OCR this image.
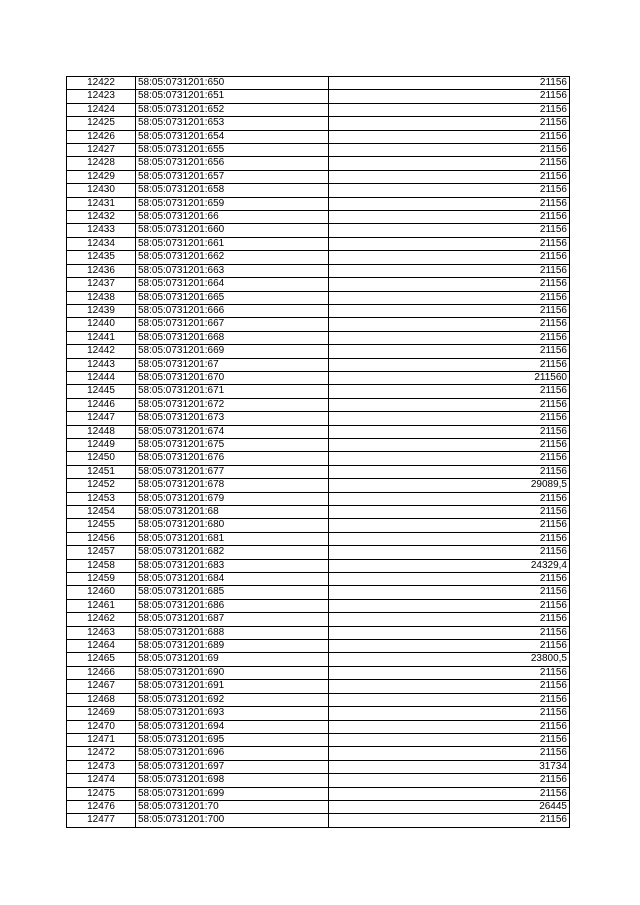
12422	58:05:0731201:650	21156
12423	58:05:0731201:651	21156
12424	58:05:0731201:652	21156
12425	58:05:0731201:653	21156
12426	58:05:0731201:654	21156
12427	58:05:0731201:655	21156
12428	58:05:0731201:656	21156
12429	58:05:0731201:657	21156
12430	58:05:0731201:658	21156
12431	58:05:0731201:659	21156
12432	58:05:0731201:66	21156
12433	58:05:0731201:660	21156
12434	58:05:0731201:661	21156
12435	58:05:0731201:662	21156
12436	58:05:0731201:663	21156
12437	58:05:0731201:664	21156
12438	58:05:0731201:665	21156
12439	58:05:0731201:666	21156
12440	58:05:0731201:667	21156
12441	58:05:0731201:668	21156
12442	58:05:0731201:669	21156
12443	58:05:0731201:67	21156
12444	58:05:0731201:670	211560
12445	58:05:0731201:671	21156
12446	58:05:0731201:672	21156
12447	58:05:0731201:673	21156
12448	58:05:0731201:674	21156
12449	58:05:0731201:675	21156
12450	58:05:0731201:676	21156
12451	58:05:0731201:677	21156
12452	58:05:0731201:678	29089,5
12453	58:05:0731201:679	21156
12454	58:05:0731201:68	21156
12455	58:05:0731201:680	21156
12456	58:05:0731201:681	21156
12457	58:05:0731201:682	21156
12458	58:05:0731201:683	24329,4
12459	58:05:0731201:684	21156
12460	58:05:0731201:685	21156
12461	58:05:0731201:686	21156
12462	58:05:0731201:687	21156
12463	58:05:0731201:688	21156
12464	58:05:0731201:689	21156
12465	58:05:0731201:69	23800,5
12466	58:05:0731201:690	21156
12467	58:05:0731201:691	21156
12468	58:05:0731201:692	21156
12469	58:05:0731201:693	21156
12470	58:05:0731201:694	21156
12471	58:05:0731201:695	21156
12472	58:05:0731201:696	21156
12473	58:05:0731201:697	31734
12474	58:05:0731201:698	21156
12475	58:05:0731201:699	21156
12476	58:05:0731201:70	26445
12477	58:05:0731201:700	21156
